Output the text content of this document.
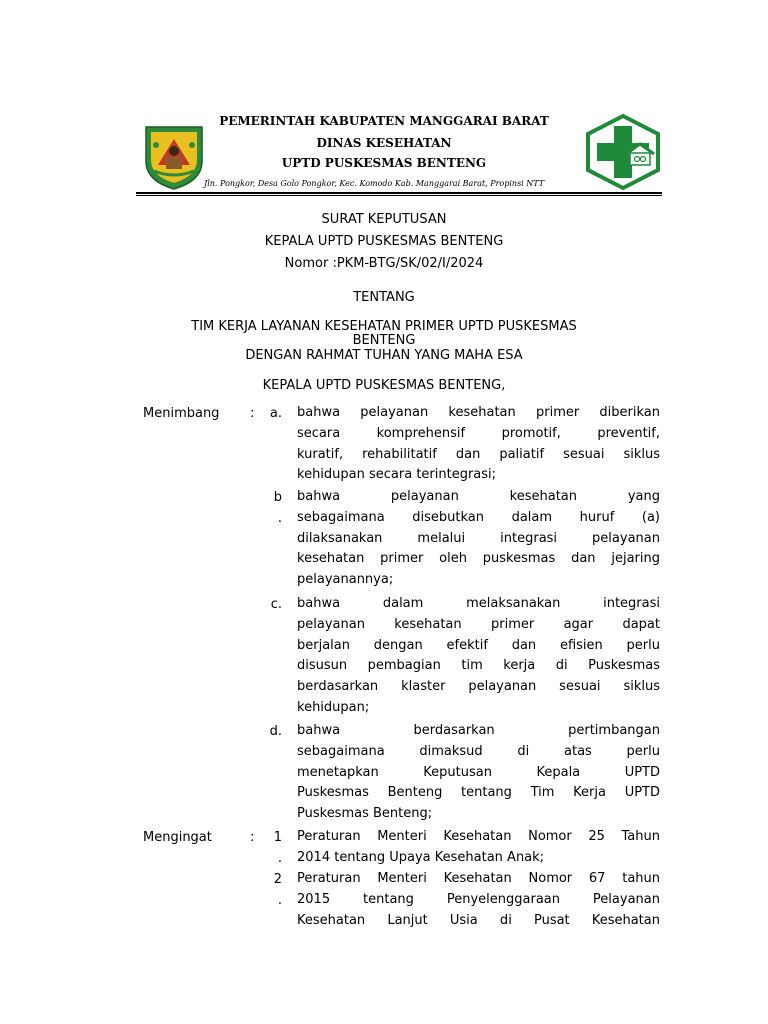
PEMERINTAH KABUPATEN MANGGARAI BARAT
DINAS KESEHATAN
UPTD PUSKESMAS BENTENG
Jln. Pongkor, Desa Golo Pongkor, Kec. Komodo Kab. Manggarai Barat, Propinsi NTT
SURAT KEPUTUSAN
KEPALA UPTD PUSKESMAS BENTENG
Nomor :PKM-BTG/SK/02/I/2024
TENTANG
TIM KERJA LAYANAN KESEHATAN PRIMER UPTD PUSKESMAS
BENTENG
DENGAN RAHMAT TUHAN YANG MAHA ESA
KEPALA UPTD PUSKESMAS BENTENG,
Menimbang : a. bahwa pelayanan kesehatan primer diberikan

secara komprehensif promotif, preventif,

kuratif, rehabilitatif dan paliatif sesuai siklus

kehidupan secara terintegrasi;

b
.

bahwa pelayanan kesehatan yang

sebagaimana disebutkan dalam huruf (a)

dilaksanakan melalui integrasi pelayanan

kesehatan primer oleh puskesmas dan jejaring

pelayanannya;

c. bahwa dalam melaksanakan integrasi

pelayanan kesehatan primer agar dapat

berjalan dengan efektif dan efisien perlu

disusun pembagian tim kerja di Puskesmas

berdasarkan klaster pelayanan sesuai siklus

kehidupan;

d. bahwa berdasarkan pertimbangan

sebagaimana dimaksud di atas perlu

menetapkan Keputusan Kepala UPTD

Puskesmas Benteng tentang Tim Kerja UPTD

Puskesmas Benteng;

Mengingat	:	1
.

Peraturan Menteri Kesehatan Nomor 25 Tahun

2014 tentang Upaya Kesehatan Anak;

2
.

Peraturan Menteri Kesehatan Nomor 67 tahun

2015 tentang Penyelenggaraan Pelayanan

Kesehatan Lanjut Usia di Pusat Kesehatan
